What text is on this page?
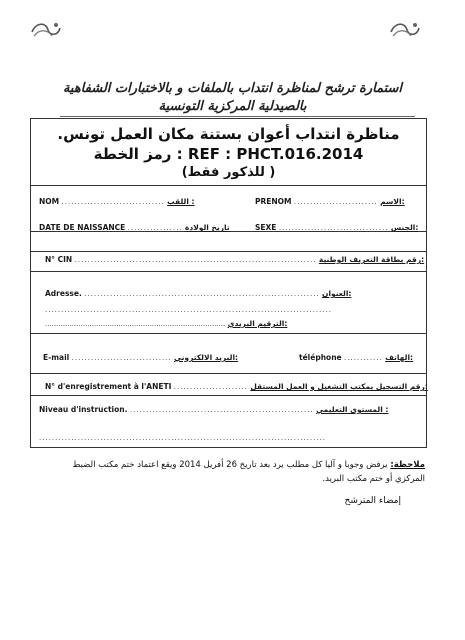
استمارة ترشح لمناظرة انتداب بالملفات و بالاختبارات الشفاهية
بالصيدلية المركزية التونسية
مناظرة انتداب أعوان بستنة مكان العمل تونس.
رمز الخطة : REF : PHCT.016.2014
( للذكور فقط)
NOM ................................ اللقب :	PRENOM .......................... الاسم:
DATE DE NAISSANCE ................. تاريخ الولادة	SEXE .................................. الجنس:
N° CIN ........................................................................... رقم بطاقة التعريف الوطنية:
Adresse. ......................................................................... العنوان:
.........................................................................................
................................................................................. الترقيم البريدي:
E-mail ............................... البريد الالكتروني:	téléphone ............ الهاتف:
N° d'enregistrement à l'ANETI ....................... رقم التسجيل بمكتب التشغيل و العمل المستقل:
Niveau d'instruction. ......................................................... المستوى التعليمي :
.........................................................................................
ملاحظة: يرفض وجوبا و آليا كل مطلب يرد بعد تاريخ 26 أفريل 2014 ويقع اعتماد ختم مكتب الضبط المركزي أو ختم مكتب البريد.
إمضاء المترشح
